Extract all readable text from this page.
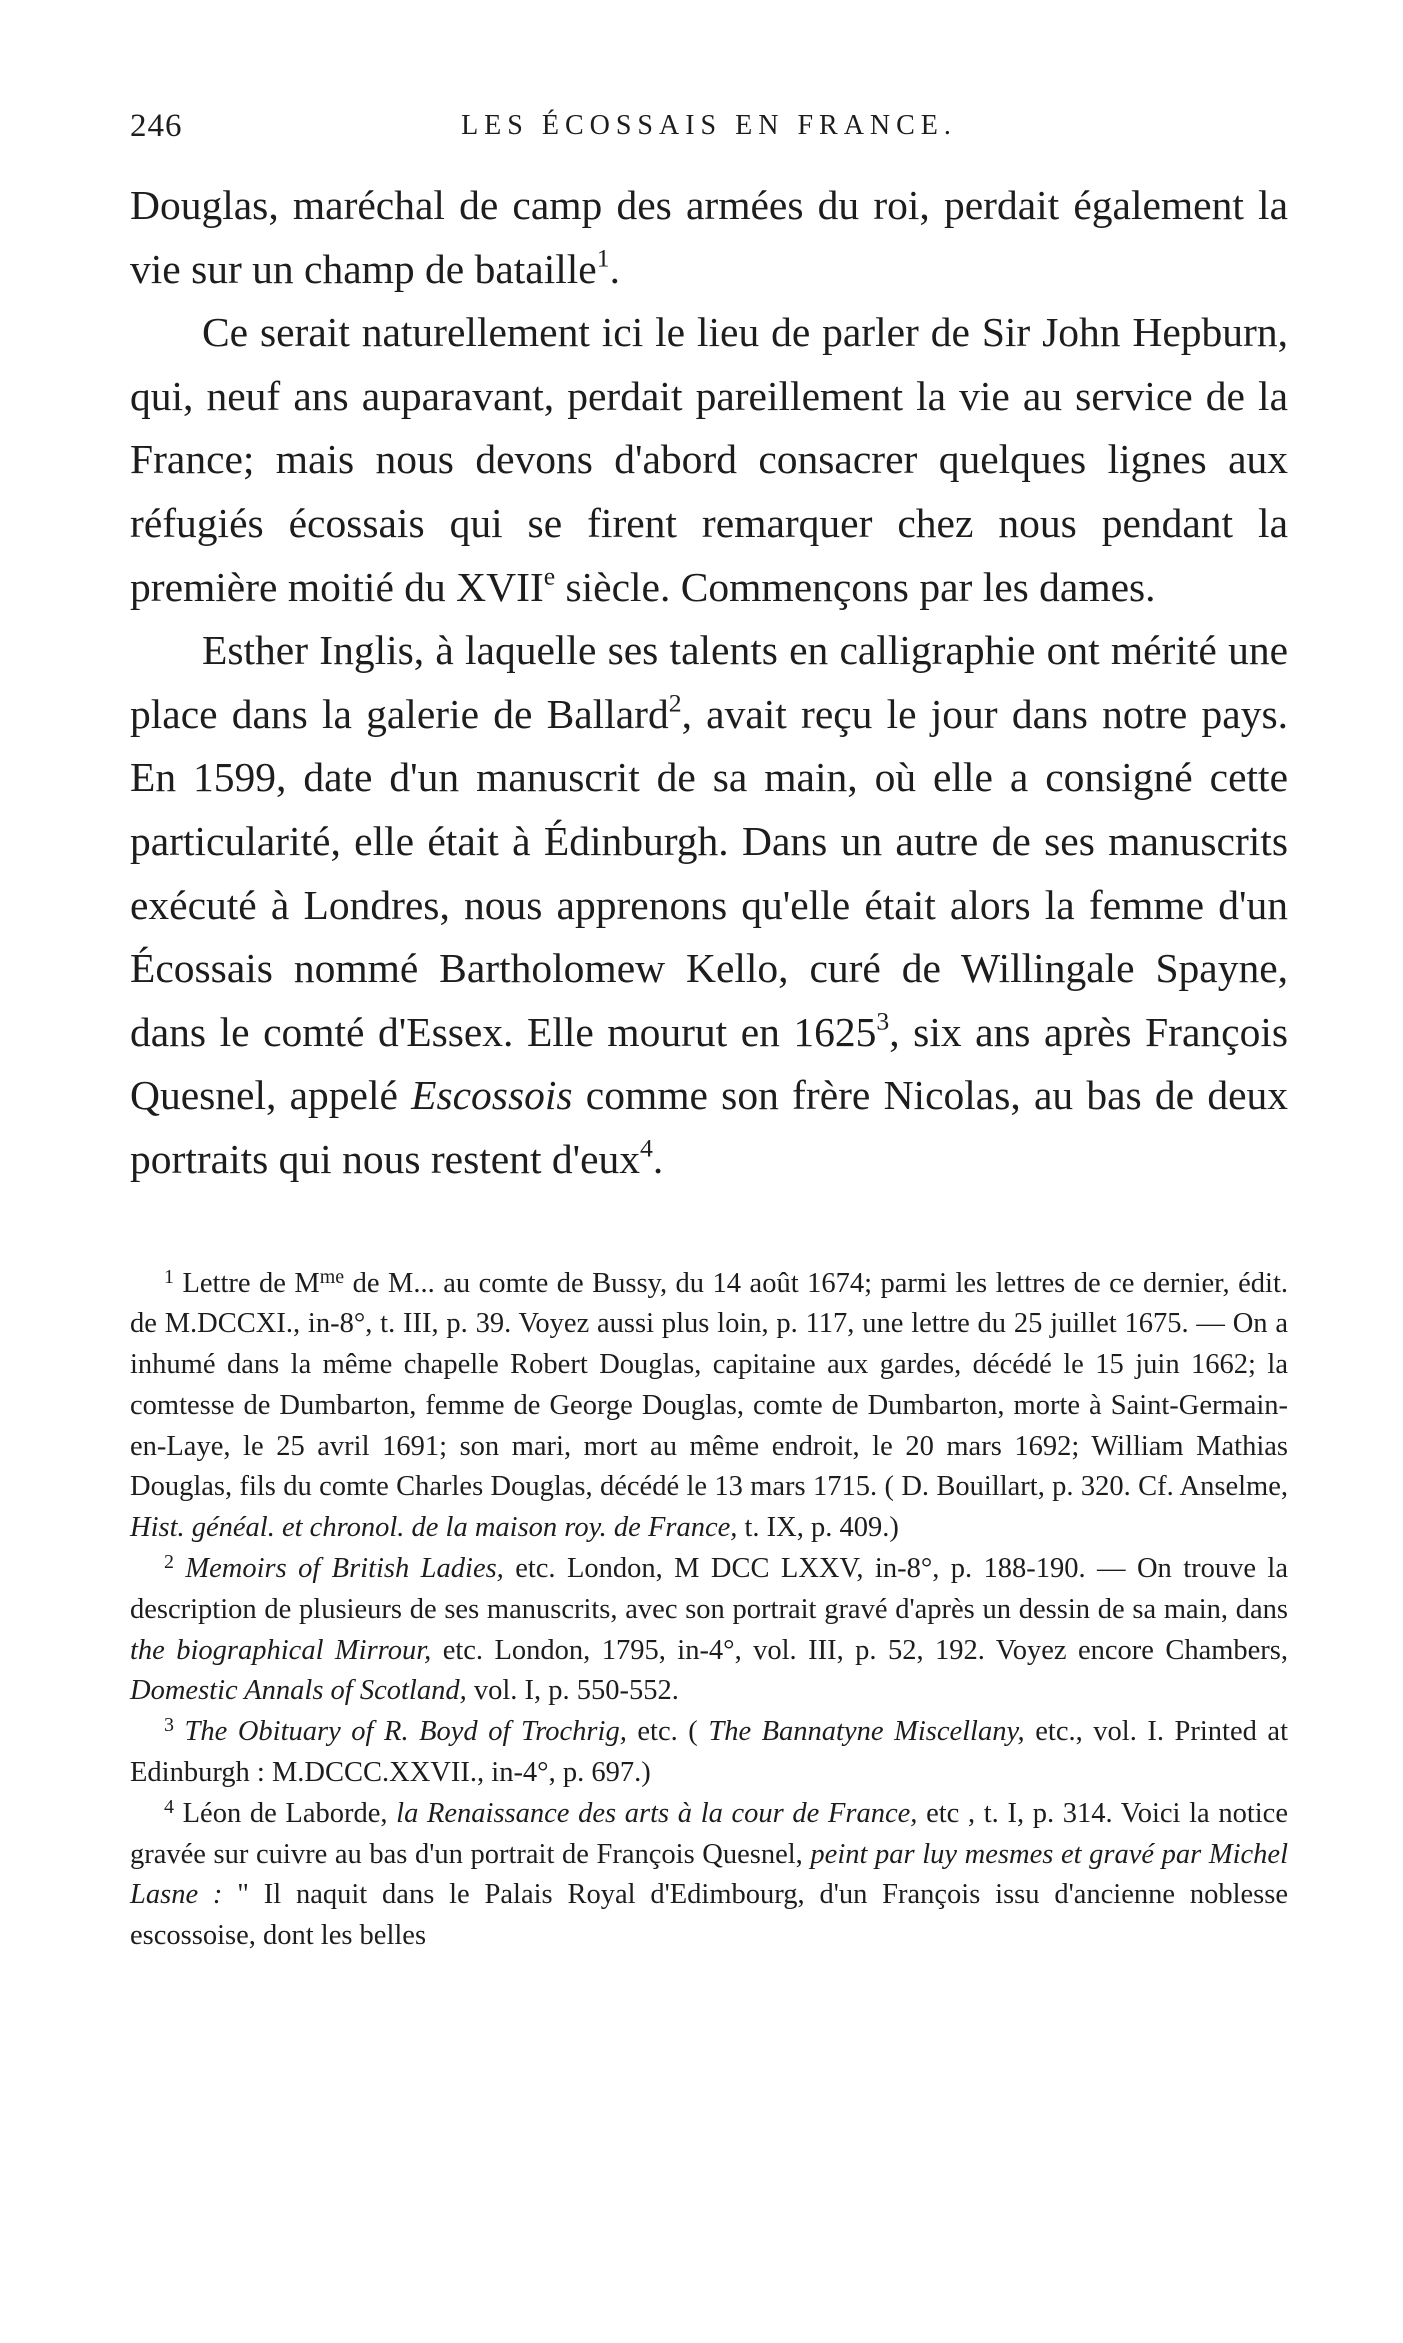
246	LES ÉCOSSAIS EN FRANCE.

Douglas, maréchal de camp des armées du roi, perdait également la vie sur un champ de bataille$^1$.

Ce serait naturellement ici le lieu de parler de Sir John Hepburn, qui, neuf ans auparavant, perdait pareillement la vie au service de la France; mais nous devons d'abord consacrer quelques lignes aux réfugiés écossais qui se firent remarquer chez nous pendant la première moitié du XVIIe siècle. Commençons par les dames.

Esther Inglis, à laquelle ses talents en calligraphie ont mérité une place dans la galerie de Ballard$^2$, avait reçu le jour dans notre pays. En 1599, date d'un manuscrit de sa main, où elle a consigné cette particularité, elle était à Édinburgh. Dans un autre de ses manuscrits exécuté à Londres, nous apprenons qu'elle était alors la femme d'un Écossais nommé Bartholomew Kello, curé de Willingale Spayne, dans le comté d'Essex. Elle mourut en 1625$^3$, six ans après François Quesnel, appelé Escossois comme son frère Nicolas, au bas de deux portraits qui nous restent d'eux$^4$.

$^1$ Lettre de $M^{me}$ de M... au comte de Bussy, du 14 août 1674; parmi les lettres de ce dernier, édit. de M.DCCXI., in-8°, t. III, p. 39. Voyez aussi plus loin, p. 117, une lettre du 25 juillet 1675. — On a inhumé dans la même chapelle Robert Douglas, capitaine aux gardes, décédé le 15 juin 1662; la comtesse de Dumbarton, femme de George Douglas, comte de Dumbarton, morte à Saint-Germain-en-Laye, le 25 avril 1691; son mari, mort au même endroit, le 20 mars 1692; William Mathias Douglas, fils du comte Charles Douglas, décédé le 13 mars 1715. ( D. Bouillart, p. 320. Cf. Anselme, Hist. généal. et chronol. de la maison roy. de France, t. IX, p. 409.)

$^2$ Memoirs of British Ladies, etc. London, M DCC LXXV, in-8°, p. 188-190. — On trouve la description de plusieurs de ses manuscrits, avec son portrait gravé d'après un dessin de sa main, dans the biographical Mirrour, etc. London, 1795, in-4°, vol. III, p. 52, 192. Voyez encore Chambers, Domestic Annals of Scotland, vol. I, p. 550-552.

$^3$ The Obituary of R. Boyd of Trochrig, etc. ( The Bannatyne Miscellany, etc., vol. I. Printed at Edinburgh : M.DCCC.XXVII., in-4°, p. 697.)

$^4$ Léon de Laborde, la Renaissance des arts à la cour de France, etc , t. I, p. 314. Voici la notice gravée sur cuivre au bas d'un portrait de François Quesnel, peint par luy mesmes et gravé par Michel Lasne : " Il naquit dans le Palais Royal d'Edimbourg, d'un François issu d'ancienne noblesse escossoise, dont les belles
